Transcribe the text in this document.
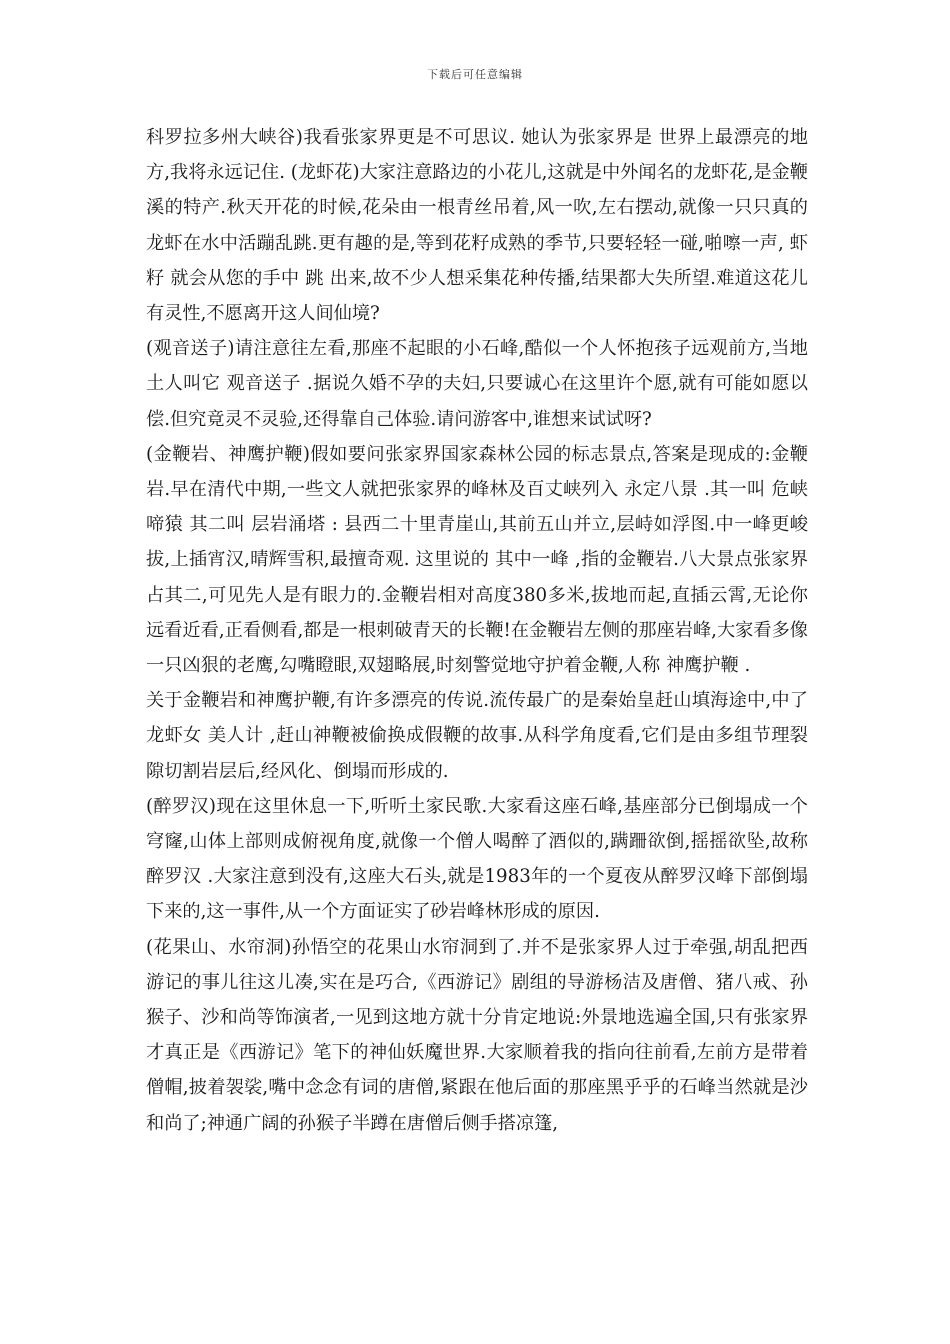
下载后可任意编辑

科罗拉多州大峡谷)我看张家界更是不可思议. 她认为张家界是 世界上最漂亮的地方,我将永远记住. (龙虾花)大家注意路边的小花儿,这就是中外闻名的龙虾花,是金鞭溪的特产.秋天开花的时候,花朵由一根青丝吊着,风一吹,左右摆动,就像一只只真的龙虾在水中活蹦乱跳.更有趣的是,等到花籽成熟的季节,只要轻轻一碰,啪嚓一声, 虾籽 就会从您的手中 跳 出来,故不少人想采集花种传播,结果都大失所望.难道这花儿有灵性,不愿离开这人间仙境?

(观音送子)请注意往左看,那座不起眼的小石峰,酷似一个人怀抱孩子远观前方,当地土人叫它 观音送子 .据说久婚不孕的夫妇,只要诚心在这里许个愿,就有可能如愿以偿.但究竟灵不灵验,还得靠自己体验.请问游客中,谁想来试试呀?

(金鞭岩、神鹰护鞭)假如要问张家界国家森林公园的标志景点,答案是现成的:金鞭岩.早在清代中期,一些文人就把张家界的峰林及百丈峡列入 永定八景 .其一叫 危峡啼猿 其二叫 层岩涌塔 : 县西二十里青崖山,其前五山并立,层峙如浮图.中一峰更峻拔,上插宵汉,晴辉雪积,最擅奇观. 这里说的 其中一峰 ,指的金鞭岩.八大景点张家界占其二,可见先人是有眼力的.金鞭岩相对高度380多米,拔地而起,直插云霄,无论你远看近看,正看侧看,都是一根刺破青天的长鞭!在金鞭岩左侧的那座岩峰,大家看多像一只凶狠的老鹰,勾嘴瞪眼,双翅略展,时刻警觉地守护着金鞭,人称 神鹰护鞭 .

关于金鞭岩和神鹰护鞭,有许多漂亮的传说.流传最广的是秦始皇赶山填海途中,中了龙虾女 美人计 ,赶山神鞭被偷换成假鞭的故事.从科学角度看,它们是由多组节理裂隙切割岩层后,经风化、倒塌而形成的.

(醉罗汉)现在这里休息一下,听听土家民歌.大家看这座石峰,基座部分已倒塌成一个穹窿,山体上部则成俯视角度,就像一个僧人喝醉了酒似的,蹒跚欲倒,摇摇欲坠,故称 醉罗汉 .大家注意到没有,这座大石头,就是1983年的一个夏夜从醉罗汉峰下部倒塌下来的,这一事件,从一个方面证实了砂岩峰林形成的原因.

(花果山、水帘洞)孙悟空的花果山水帘洞到了.并不是张家界人过于牵强,胡乱把西游记的事儿往这儿凑,实在是巧合,《西游记》剧组的导游杨洁及唐僧、猪八戒、孙猴子、沙和尚等饰演者,一见到这地方就十分肯定地说:外景地选遍全国,只有张家界才真正是《西游记》笔下的神仙妖魔世界.大家顺着我的指向往前看,左前方是带着僧帽,披着袈裟,嘴中念念有词的唐僧,紧跟在他后面的那座黑乎乎的石峰当然就是沙和尚了;神通广阔的孙猴子半蹲在唐僧后侧手搭凉篷,
